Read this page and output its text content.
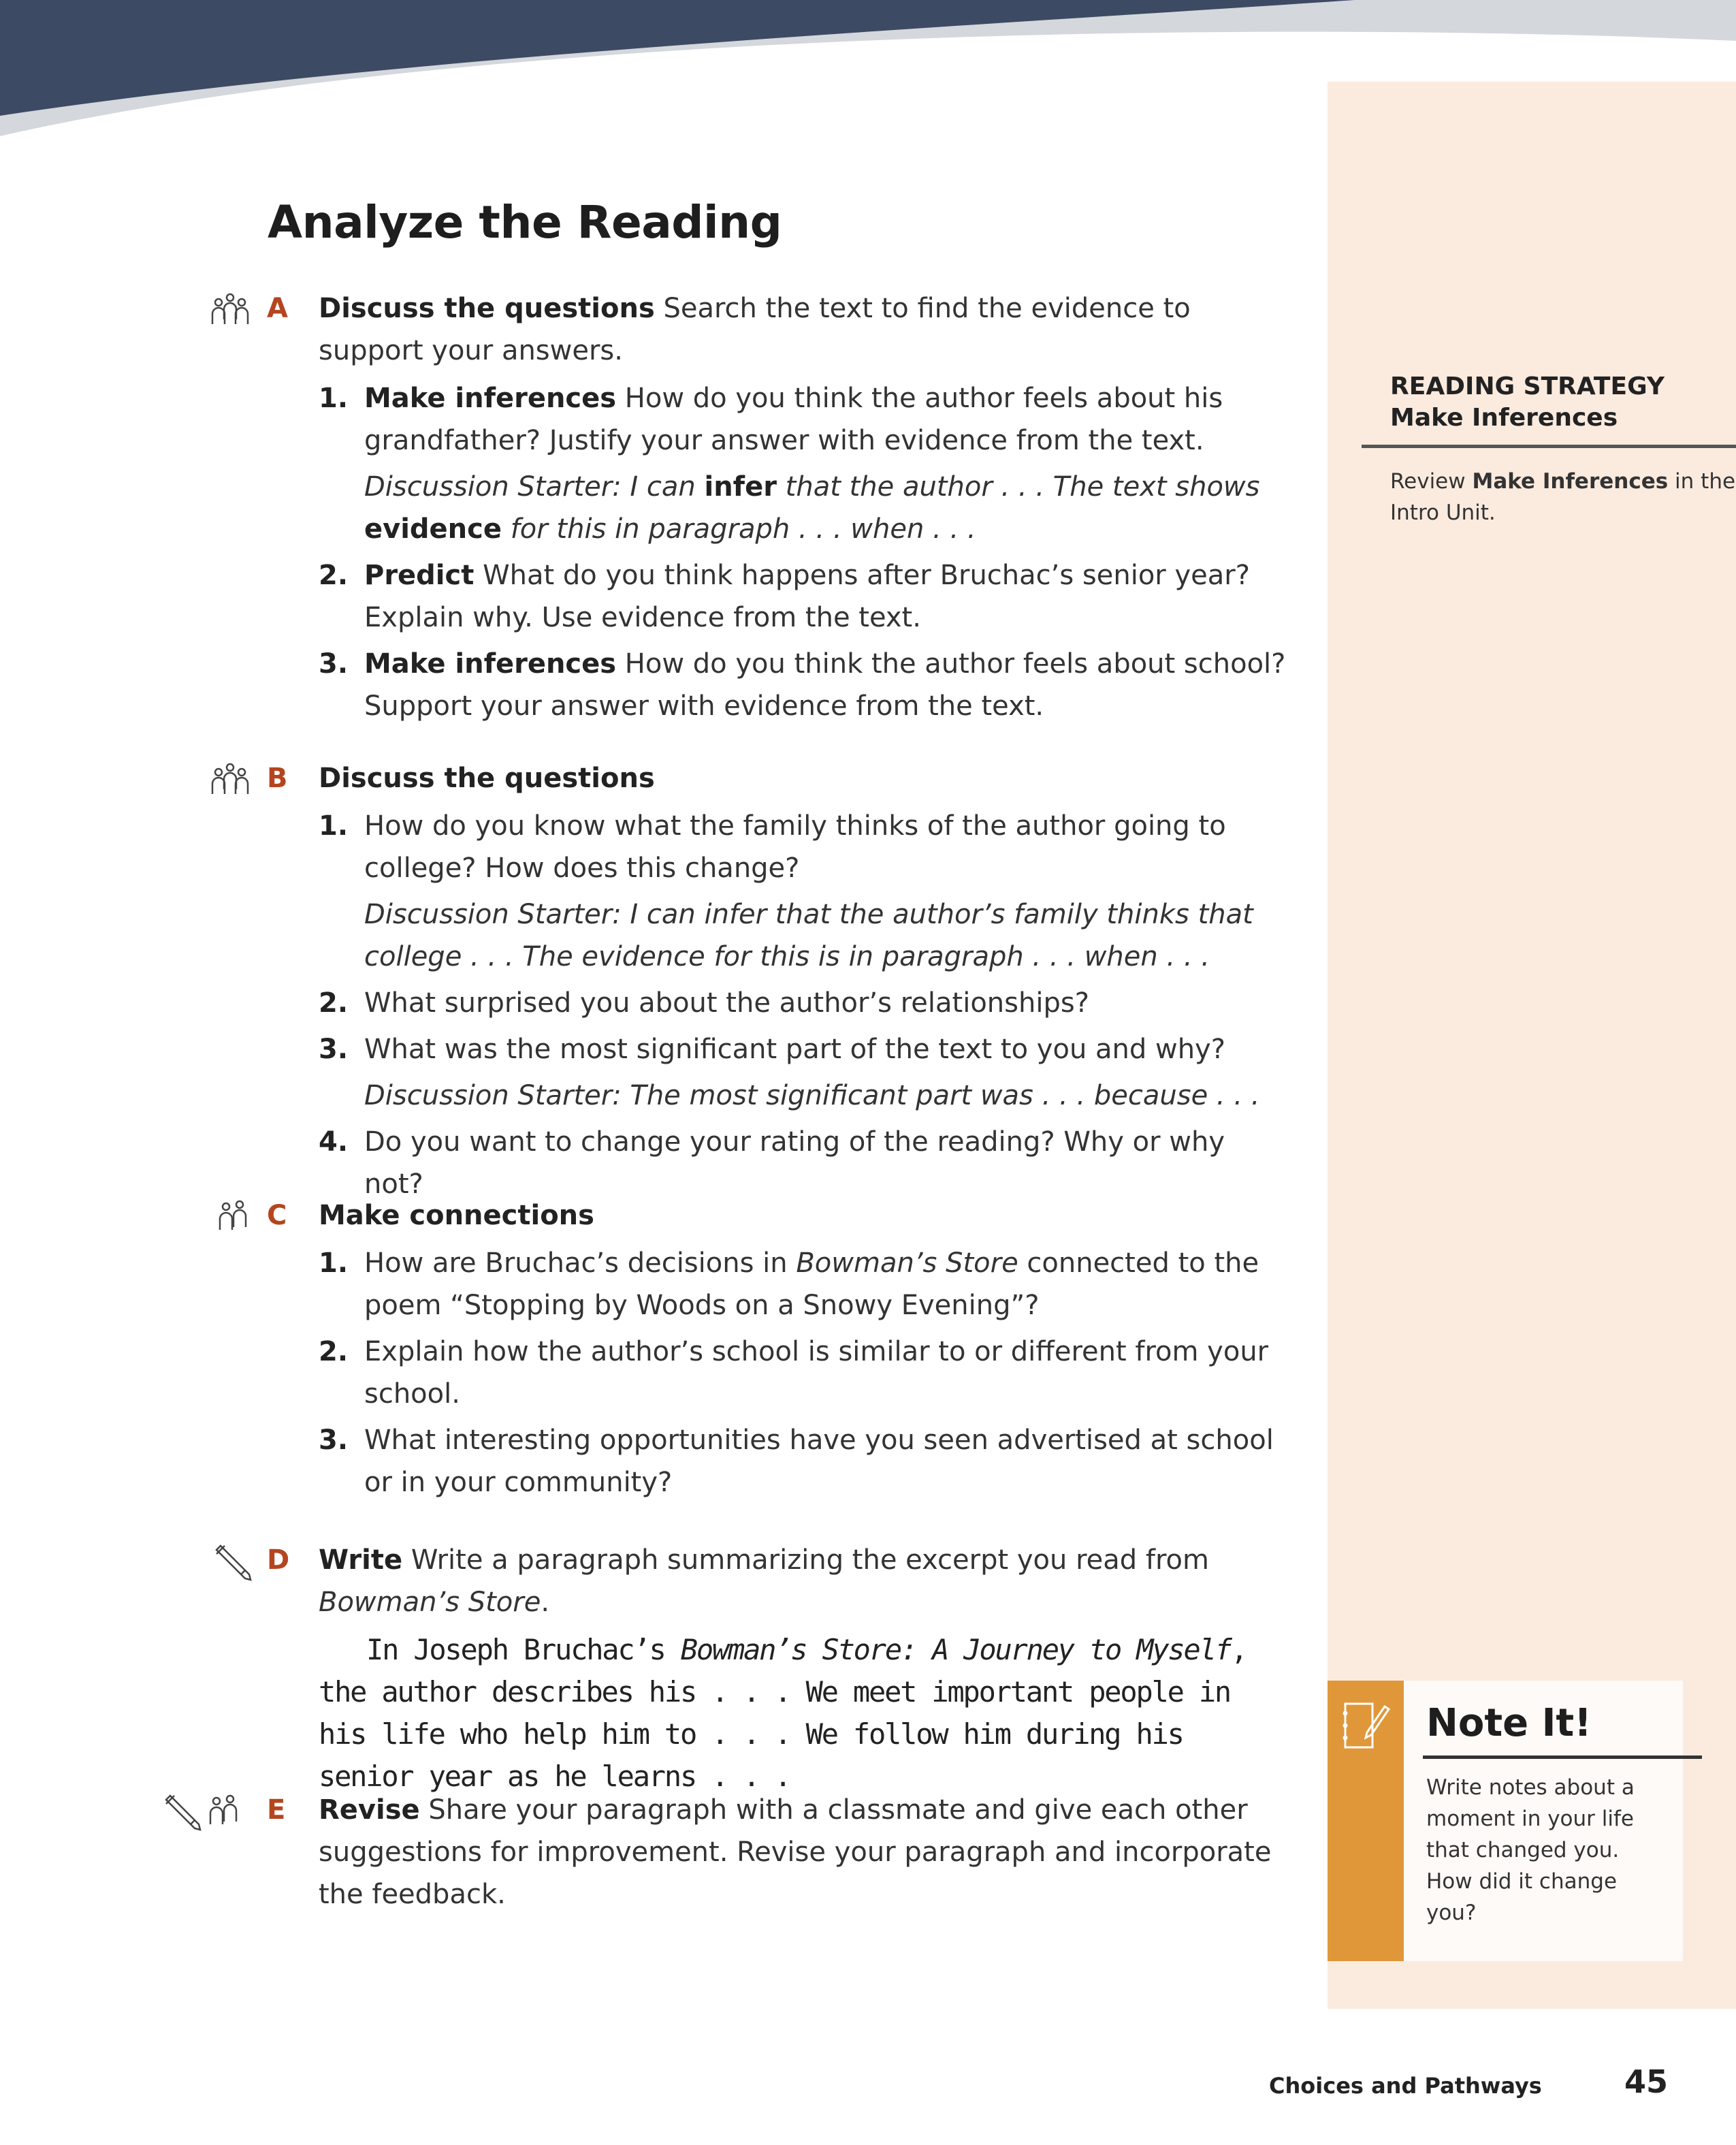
Analyze the Reading
A Discuss the questions Search the text to find the evidence to support your answers.
1. Make inferences How do you think the author feels about his grandfather? Justify your answer with evidence from the text.
Discussion Starter: I can infer that the author . . . The text shows evidence for this in paragraph . . . when . . .
2. Predict What do you think happens after Bruchac’s senior year? Explain why. Use evidence from the text.
3. Make inferences How do you think the author feels about school? Support your answer with evidence from the text.
B Discuss the questions
1. How do you know what the family thinks of the author going to college? How does this change?
Discussion Starter: I can infer that the author’s family thinks that college . . . The evidence for this is in paragraph . . . when . . .
2. What surprised you about the author’s relationships?
3. What was the most significant part of the text to you and why?
Discussion Starter: The most significant part was . . . because . . .
4. Do you want to change your rating of the reading? Why or why not?
C Make connections
1. How are Bruchac’s decisions in Bowman’s Store connected to the poem “Stopping by Woods on a Snowy Evening”?
2. Explain how the author’s school is similar to or different from your school.
3. What interesting opportunities have you seen advertised at school or in your community?
D Write Write a paragraph summarizing the excerpt you read from Bowman’s Store.
In Joseph Bruchac’s Bowman’s Store: A Journey to Myself, the author describes his . . . We meet important people in his life who help him to . . . We follow him during his senior year as he learns . . .
E Revise Share your paragraph with a classmate and give each other suggestions for improvement. Revise your paragraph and incorporate the feedback.

READING STRATEGY

Make Inferences

Review Make Inferences in the Intro Unit.
Note It!
Write notes about a moment in your life that changed you. How did it change you?
Choices and Pathways	45
